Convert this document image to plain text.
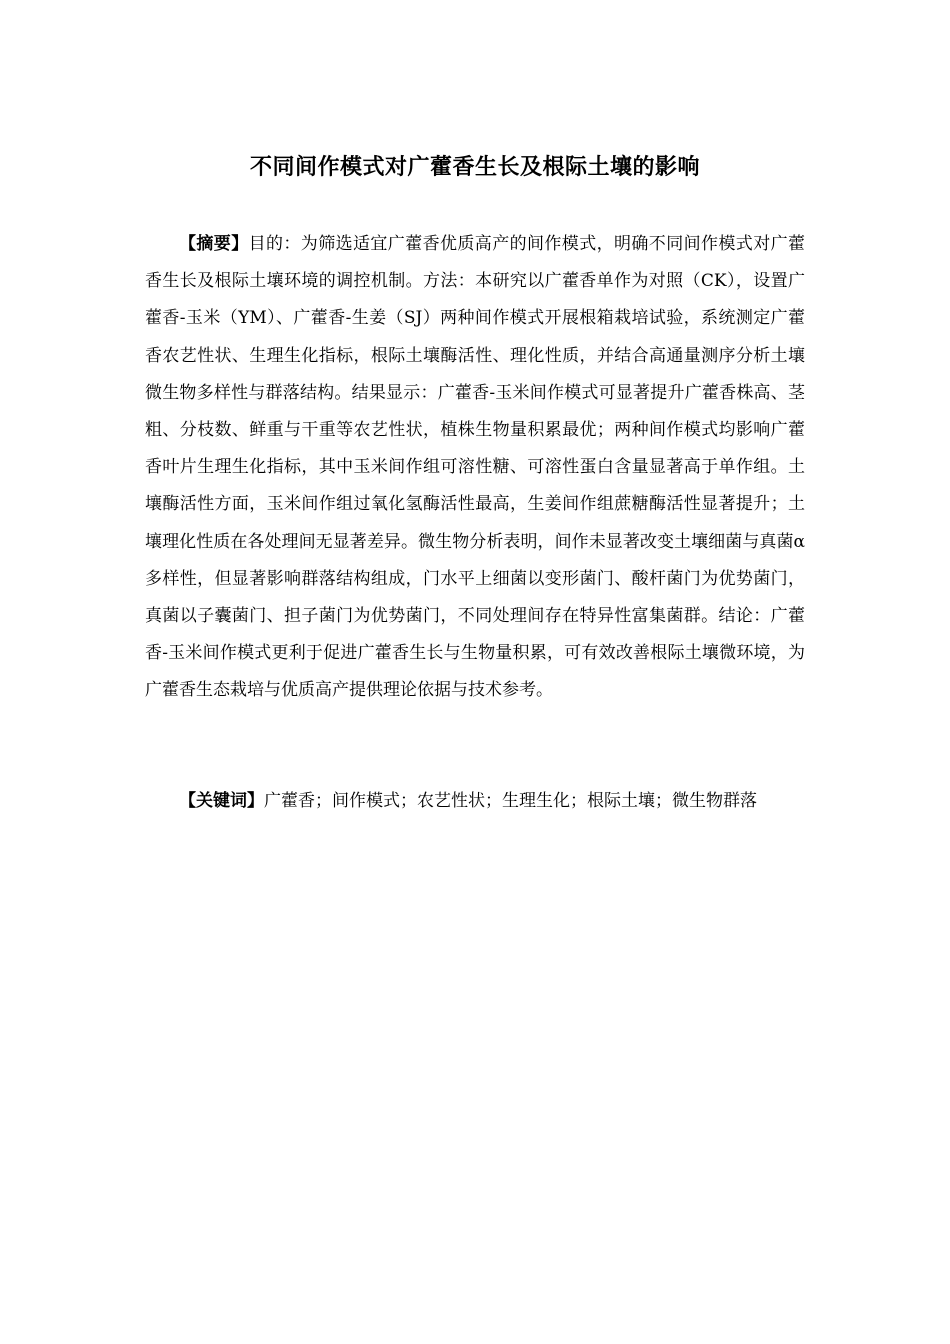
不同间作模式对广藿香生长及根际土壤的影响
【摘要】目的：为筛选适宜广藿香优质高产的间作模式，明确不同间作模式对广藿香生长及根际土壤环境的调控机制。方法：本研究以广藿香单作为对照（CK），设置广藿香-玉米（YM）、广藿香-生姜（SJ）两种间作模式开展根箱栽培试验，系统测定广藿香农艺性状、生理生化指标，根际土壤酶活性、理化性质，并结合高通量测序分析土壤微生物多样性与群落结构。结果显示：广藿香-玉米间作模式可显著提升广藿香株高、茎粗、分枝数、鲜重与干重等农艺性状，植株生物量积累最优；两种间作模式均影响广藿香叶片生理生化指标，其中玉米间作组可溶性糖、可溶性蛋白含量显著高于单作组。土壤酶活性方面，玉米间作组过氧化氢酶活性最高，生姜间作组蔗糖酶活性显著提升；土壤理化性质在各处理间无显著差异。微生物分析表明，间作未显著改变土壤细菌与真菌α多样性，但显著影响群落结构组成，门水平上细菌以变形菌门、酸杆菌门为优势菌门，真菌以子囊菌门、担子菌门为优势菌门，不同处理间存在特异性富集菌群。结论：广藿香-玉米间作模式更利于促进广藿香生长与生物量积累，可有效改善根际土壤微环境，为广藿香生态栽培与优质高产提供理论依据与技术参考。
【关键词】广藿香；间作模式；农艺性状；生理生化；根际土壤；微生物群落
